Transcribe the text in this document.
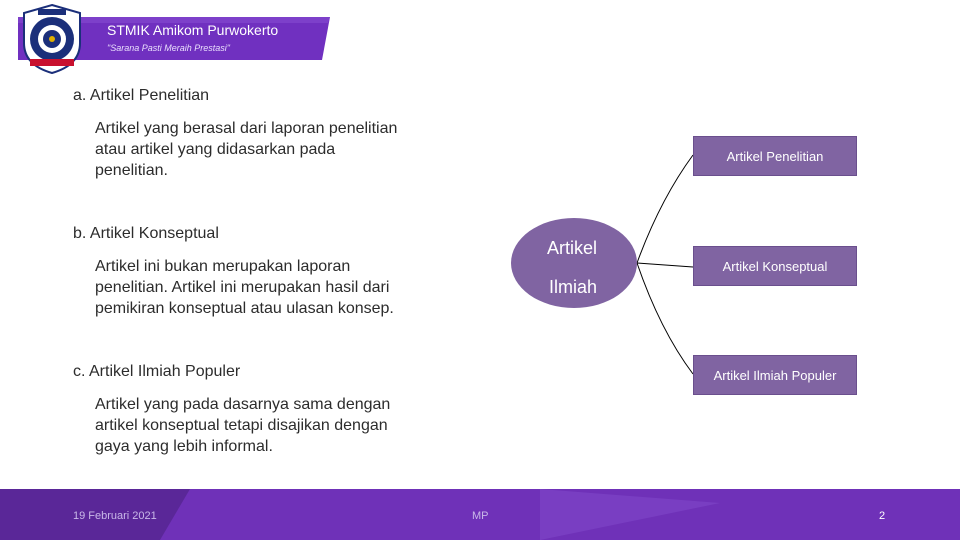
STMIK Amikom Purwokerto
"Sarana Pasti Meraih Prestasi"
a. Artikel Penelitian
Artikel yang berasal dari laporan penelitian
atau artikel yang didasarkan pada
penelitian.
b. Artikel Konseptual
Artikel ini bukan merupakan laporan
penelitian. Artikel ini merupakan hasil dari
pemikiran konseptual atau ulasan konsep.
c. Artikel Ilmiah Populer
Artikel yang pada dasarnya sama dengan
artikel konseptual tetapi disajikan dengan
gaya yang lebih informal.
Artikel
Ilmiah
Artikel Penelitian
Artikel Konseptual
Artikel Ilmiah Populer
19 Februari 2021	MP	2
